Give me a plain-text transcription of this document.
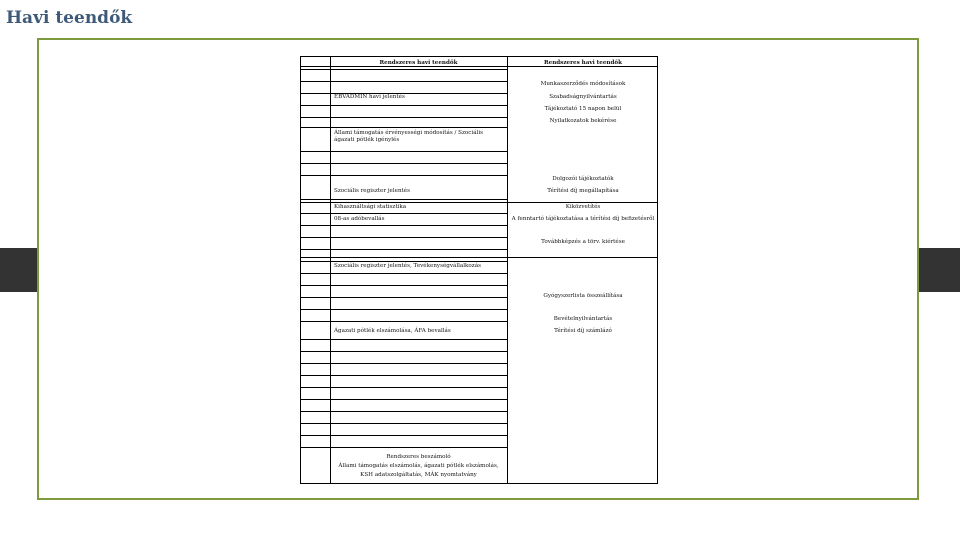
Havi teendők
Rendszeres havi teendők	Rendszeres havi teendők
EBVADMIN havi jelentés
Állami támogatás érvényességi módosítás / Szociális ágazati pótlék igénylés
Szociális regiszter jelentés
Kihasználtsági statisztika
08-as adóbevallás
Szociális regiszter jelentés, Tevékenységvállalkozás
Ágazati pótlék elszámolása, ÁFA bevallás
Rendszeres beszámoló
Állami támogatás elszámolás, ágazati pótlék elszámolás,
KSH adatszolgáltatás, MÁK nyomtatvány
Munkaszerződés módosítások
Szabadságnyilvántartás
Tájékoztató 15 napon belül
Nyilatkozatok bekérése
Dolgozói tájékoztatók
Térítési díj megállapítása
Kiközvetítés
A fenntartó tájékoztatása a térítési díj befizetésről
Továbbképzés a törv. kiértése
Gyógyszerlista összeállítása
Bevételnyilvántartás
Térítési díj számlázó
